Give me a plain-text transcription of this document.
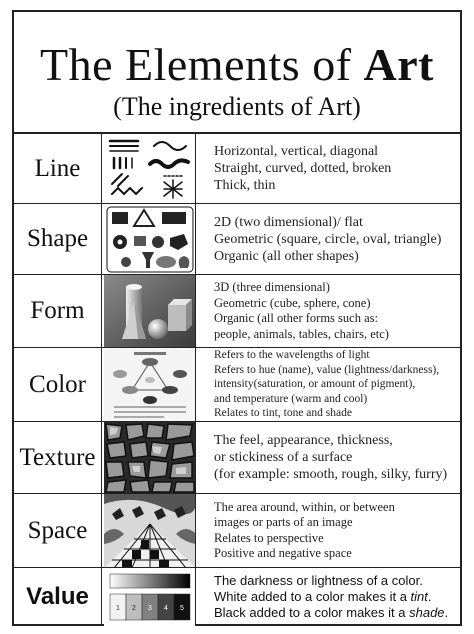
The Elements of Art
(The ingredients of Art)
Line
Horizontal, vertical, diagonal
Straight, curved, dotted, broken
Thick, thin
Shape
2D (two dimensional)/ flat
Geometric (square, circle, oval, triangle)
Organic (all other shapes)
Form
3D (three dimensional)
Geometric (cube, sphere, cone)
Organic (all other forms such as:
people, animals, tables, chairs, etc)
Color
Refers to the wavelengths of light
Refers to hue (name), value (lightness/darkness),
intensity(saturation, or amount of pigment),
and temperature (warm and cool)
Relates to tint, tone and shade
Texture
The feel, appearance, thickness,
or stickiness of a surface
(for example: smooth, rough, silky, furry)
Space
The area around, within, or between
images or parts of an image
Relates to perspective
Positive and negative space
Value	1 2 3 4 5
The darkness or lightness of a color. White added to a color makes it a tint. Black added to a color makes it a shade.
